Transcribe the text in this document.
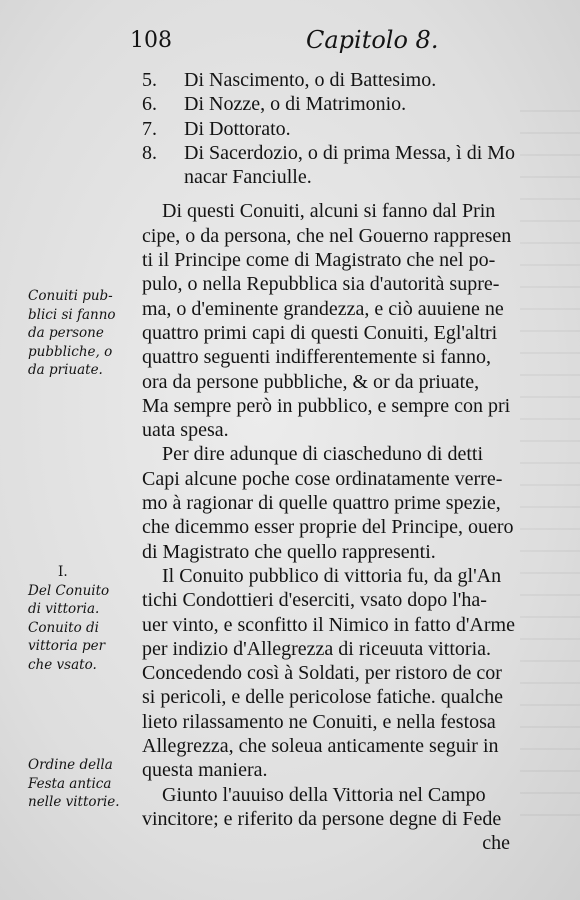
108	Capitolo 8.
5.	Di Nascimento, o di Battesimo.
6.	Di Nozze, o di Matrimonio.
7.	Di Dottorato.
8.	Di Sacerdozio, o di prima Messa, ì di Mo
nacar Fanciulle.
Di questi Conuiti, alcuni si fanno dal Prin
cipe, o da persona, che nel Gouerno rappresen
ti il Principe come di Magistrato che nel po-
pulo, o nella Repubblica sia d'autorità supre-
ma, o d'eminente grandezza, e ciò auuiene ne
quattro primi capi di questi Conuiti, Egl'altri
quattro seguenti indifferentemente si fanno,
ora da persone pubbliche, & or da priuate,
Ma sempre però in pubblico, e sempre con pri
uata spesa.
Per dire adunque di ciascheduno di detti
Capi alcune poche cose ordinatamente verre-
mo à ragionar di quelle quattro prime spezie,
che dicemmo esser proprie del Principe, ouero
di Magistrato che quello rappresenti.
Il Conuito pubblico di vittoria fu, da gl'An
tichi Condottieri d'eserciti, vsato dopo l'ha-
uer vinto, e sconfitto il Nimico in fatto d'Arme
per indizio d'Allegrezza di riceuuta vittoria.
Concedendo così à Soldati, per ristoro de cor
si pericoli, e delle pericolose fatiche. qualche
lieto rilassamento ne Conuiti, e nella festosa
Allegrezza, che soleua anticamente seguir in
questa maniera.
Giunto l'auuiso della Vittoria nel Campo
vincitore; e riferito da persone degne di Fede
che
Conuiti pub-
blici si fanno
da persone
pubbliche, o
da priuate.
I.
Del Conuito
di vittoria.
Conuito di
vittoria per
che vsato.
Ordine della
Festa antica
nelle vittorie.
